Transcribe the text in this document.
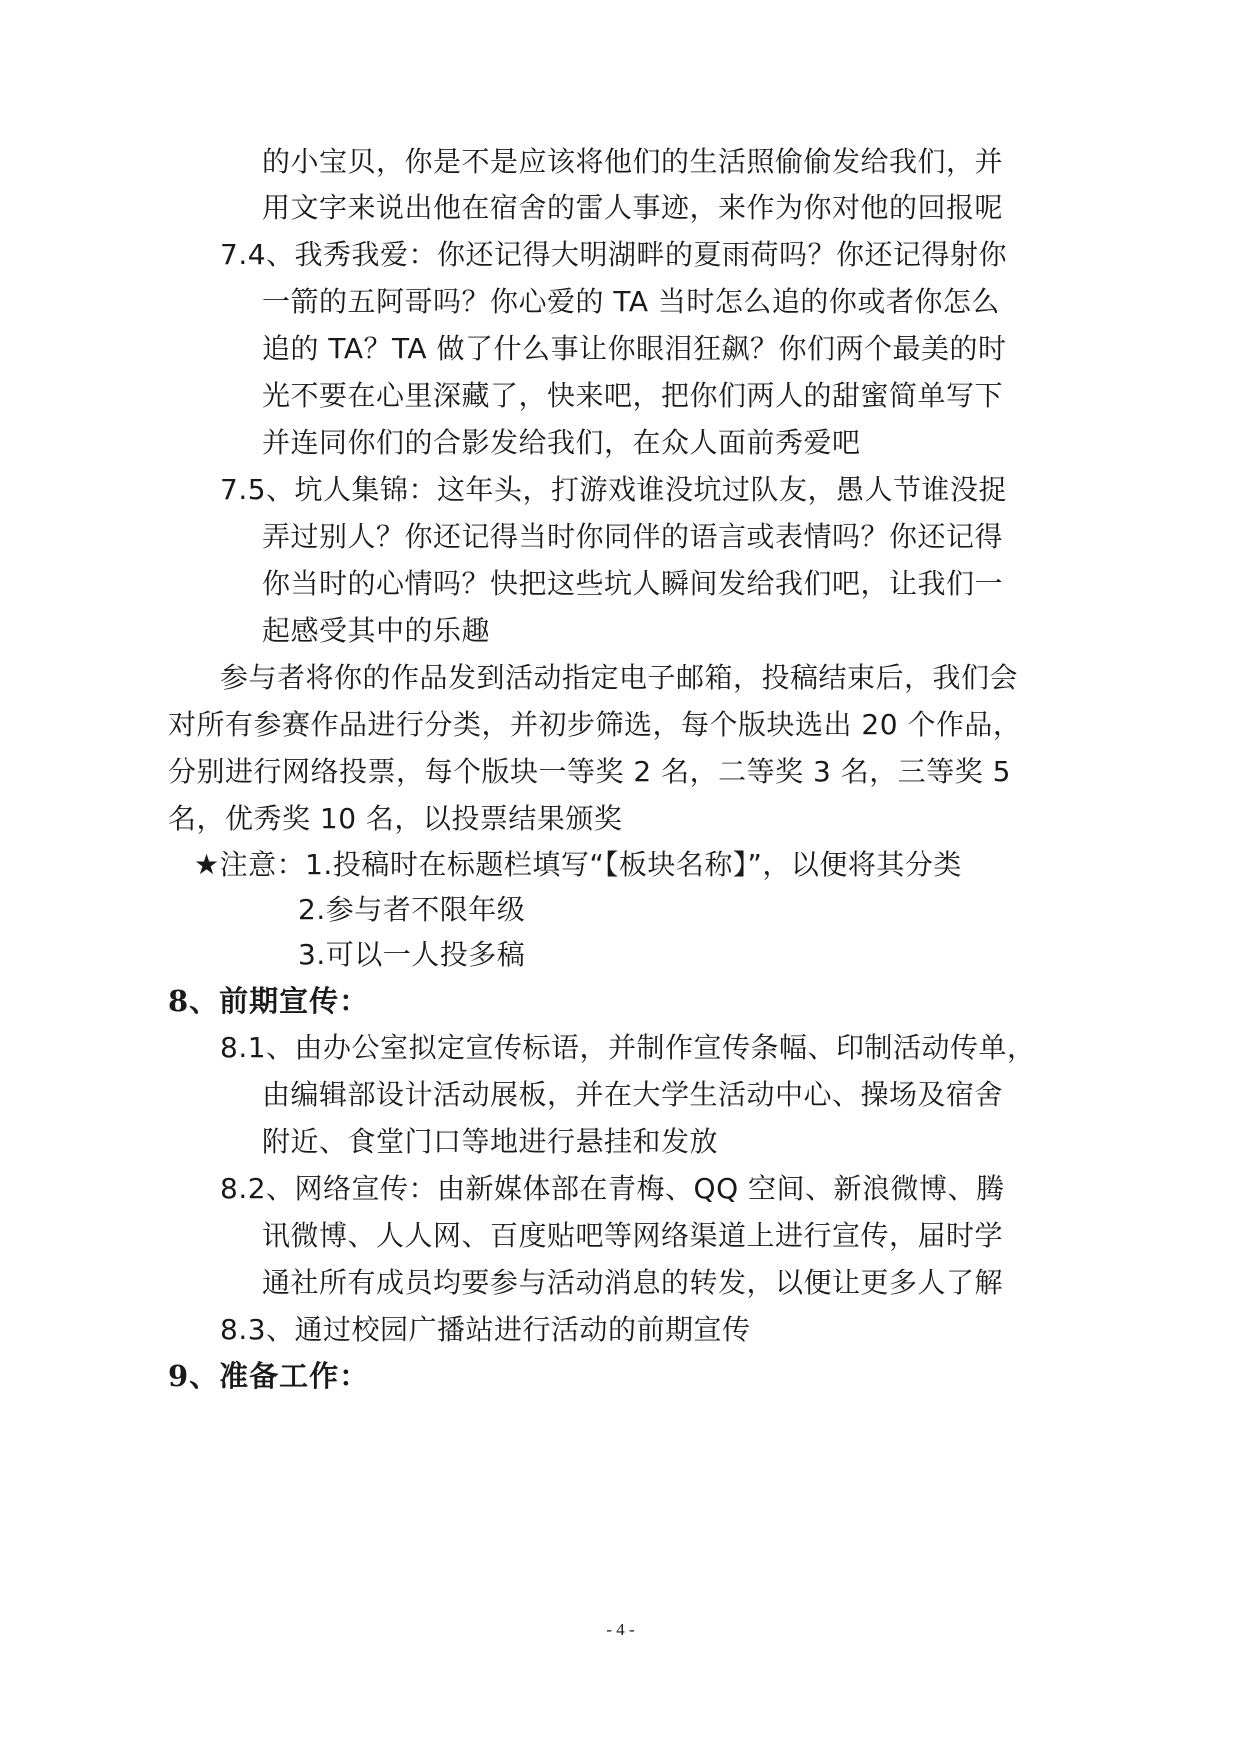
的小宝贝，你是不是应该将他们的生活照偷偷发给我们，并
用文字来说出他在宿舍的雷人事迹，来作为你对他的回报呢
7.4、我秀我爱：你还记得大明湖畔的夏雨荷吗？你还记得射你
一箭的五阿哥吗？你心爱的 TA 当时怎么追的你或者你怎么
追的 TA？TA 做了什么事让你眼泪狂飙？你们两个最美的时
光不要在心里深藏了，快来吧，把你们两人的甜蜜简单写下
并连同你们的合影发给我们，在众人面前秀爱吧
7.5、坑人集锦：这年头，打游戏谁没坑过队友，愚人节谁没捉
弄过别人？你还记得当时你同伴的语言或表情吗？你还记得
你当时的心情吗？快把这些坑人瞬间发给我们吧，让我们一
起感受其中的乐趣
参与者将你的作品发到活动指定电子邮箱，投稿结束后，我们会
对所有参赛作品进行分类，并初步筛选，每个版块选出 20 个作品，
分别进行网络投票，每个版块一等奖 2 名，二等奖 3 名，三等奖 5
名，优秀奖 10 名，以投票结果颁奖
★注意：1.投稿时在标题栏填写“【板块名称】”，以便将其分类
2.参与者不限年级
3.可以一人投多稿
8、前期宣传：
8.1、由办公室拟定宣传标语，并制作宣传条幅、印制活动传单，
由编辑部设计活动展板，并在大学生活动中心、操场及宿舍
附近、食堂门口等地进行悬挂和发放
8.2、网络宣传：由新媒体部在青梅、QQ 空间、新浪微博、腾
讯微博、人人网、百度贴吧等网络渠道上进行宣传，届时学
通社所有成员均要参与活动消息的转发，以便让更多人了解
8.3、通过校园广播站进行活动的前期宣传
9、准备工作：
- 4 -
